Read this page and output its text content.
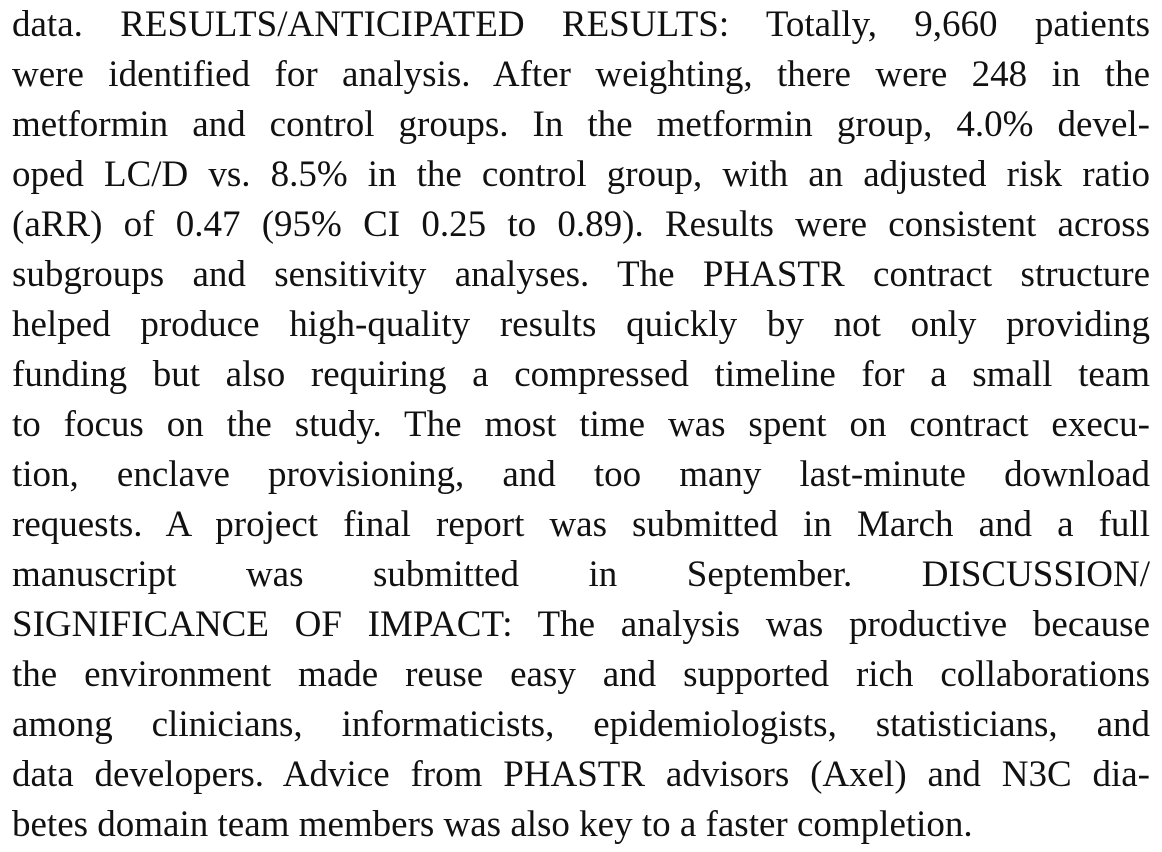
data. RESULTS/ANTICIPATED RESULTS: Totally, 9,660 patients
were identified for analysis. After weighting, there were 248 in the
metformin and control groups. In the metformin group, 4.0% devel-
oped LC/D vs. 8.5% in the control group, with an adjusted risk ratio
(aRR) of 0.47 (95% CI 0.25 to 0.89). Results were consistent across
subgroups and sensitivity analyses. The PHASTR contract structure
helped produce high-quality results quickly by not only providing
funding but also requiring a compressed timeline for a small team
to focus on the study. The most time was spent on contract execu-
tion, enclave provisioning, and too many last-minute download
requests. A project final report was submitted in March and a full
manuscript was submitted in September. DISCUSSION/
SIGNIFICANCE OF IMPACT: The analysis was productive because
the environment made reuse easy and supported rich collaborations
among clinicians, informaticists, epidemiologists, statisticians, and
data developers. Advice from PHASTR advisors (Axel) and N3C dia-
betes domain team members was also key to a faster completion.
